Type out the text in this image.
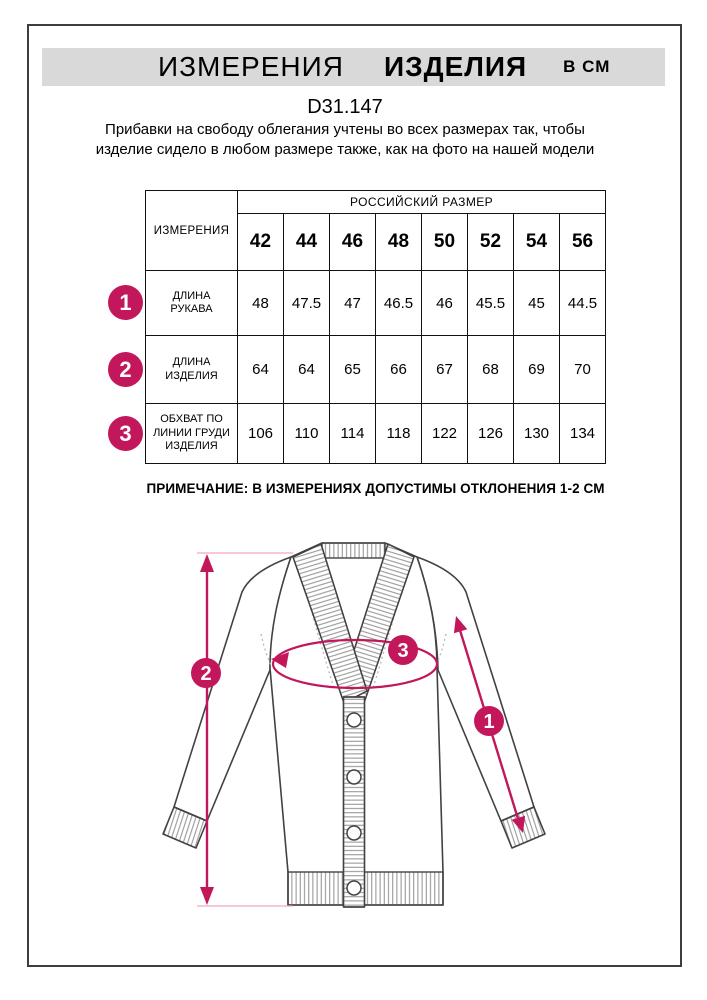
ИЗМЕРЕНИЯ ИЗДЕЛИЯ В СМ
D31.147
Прибавки на свободу облегания учтены во всех размерах так, чтобы изделие сидело в любом размере также, как на фото на нашей модели
ИЗМЕРЕНИЯ	РОССИЙСКИЙ РАЗМЕР							
	42	44	46	48	50	52	54	56
ДЛИНА РУКАВА	48	47.5	47	46.5	46	45.5	45	44.5
ДЛИНА ИЗДЕЛИЯ	64	64	65	66	67	68	69	70
ОБХВАТ ПО ЛИНИИ ГРУДИ ИЗДЕЛИЯ	106	110	114	118	122	126	130	134
1
2
3
ПРИМЕЧАНИЕ: В ИЗМЕРЕНИЯХ ДОПУСТИМЫ ОТКЛОНЕНИЯ 1-2 СМ
2
3
1
